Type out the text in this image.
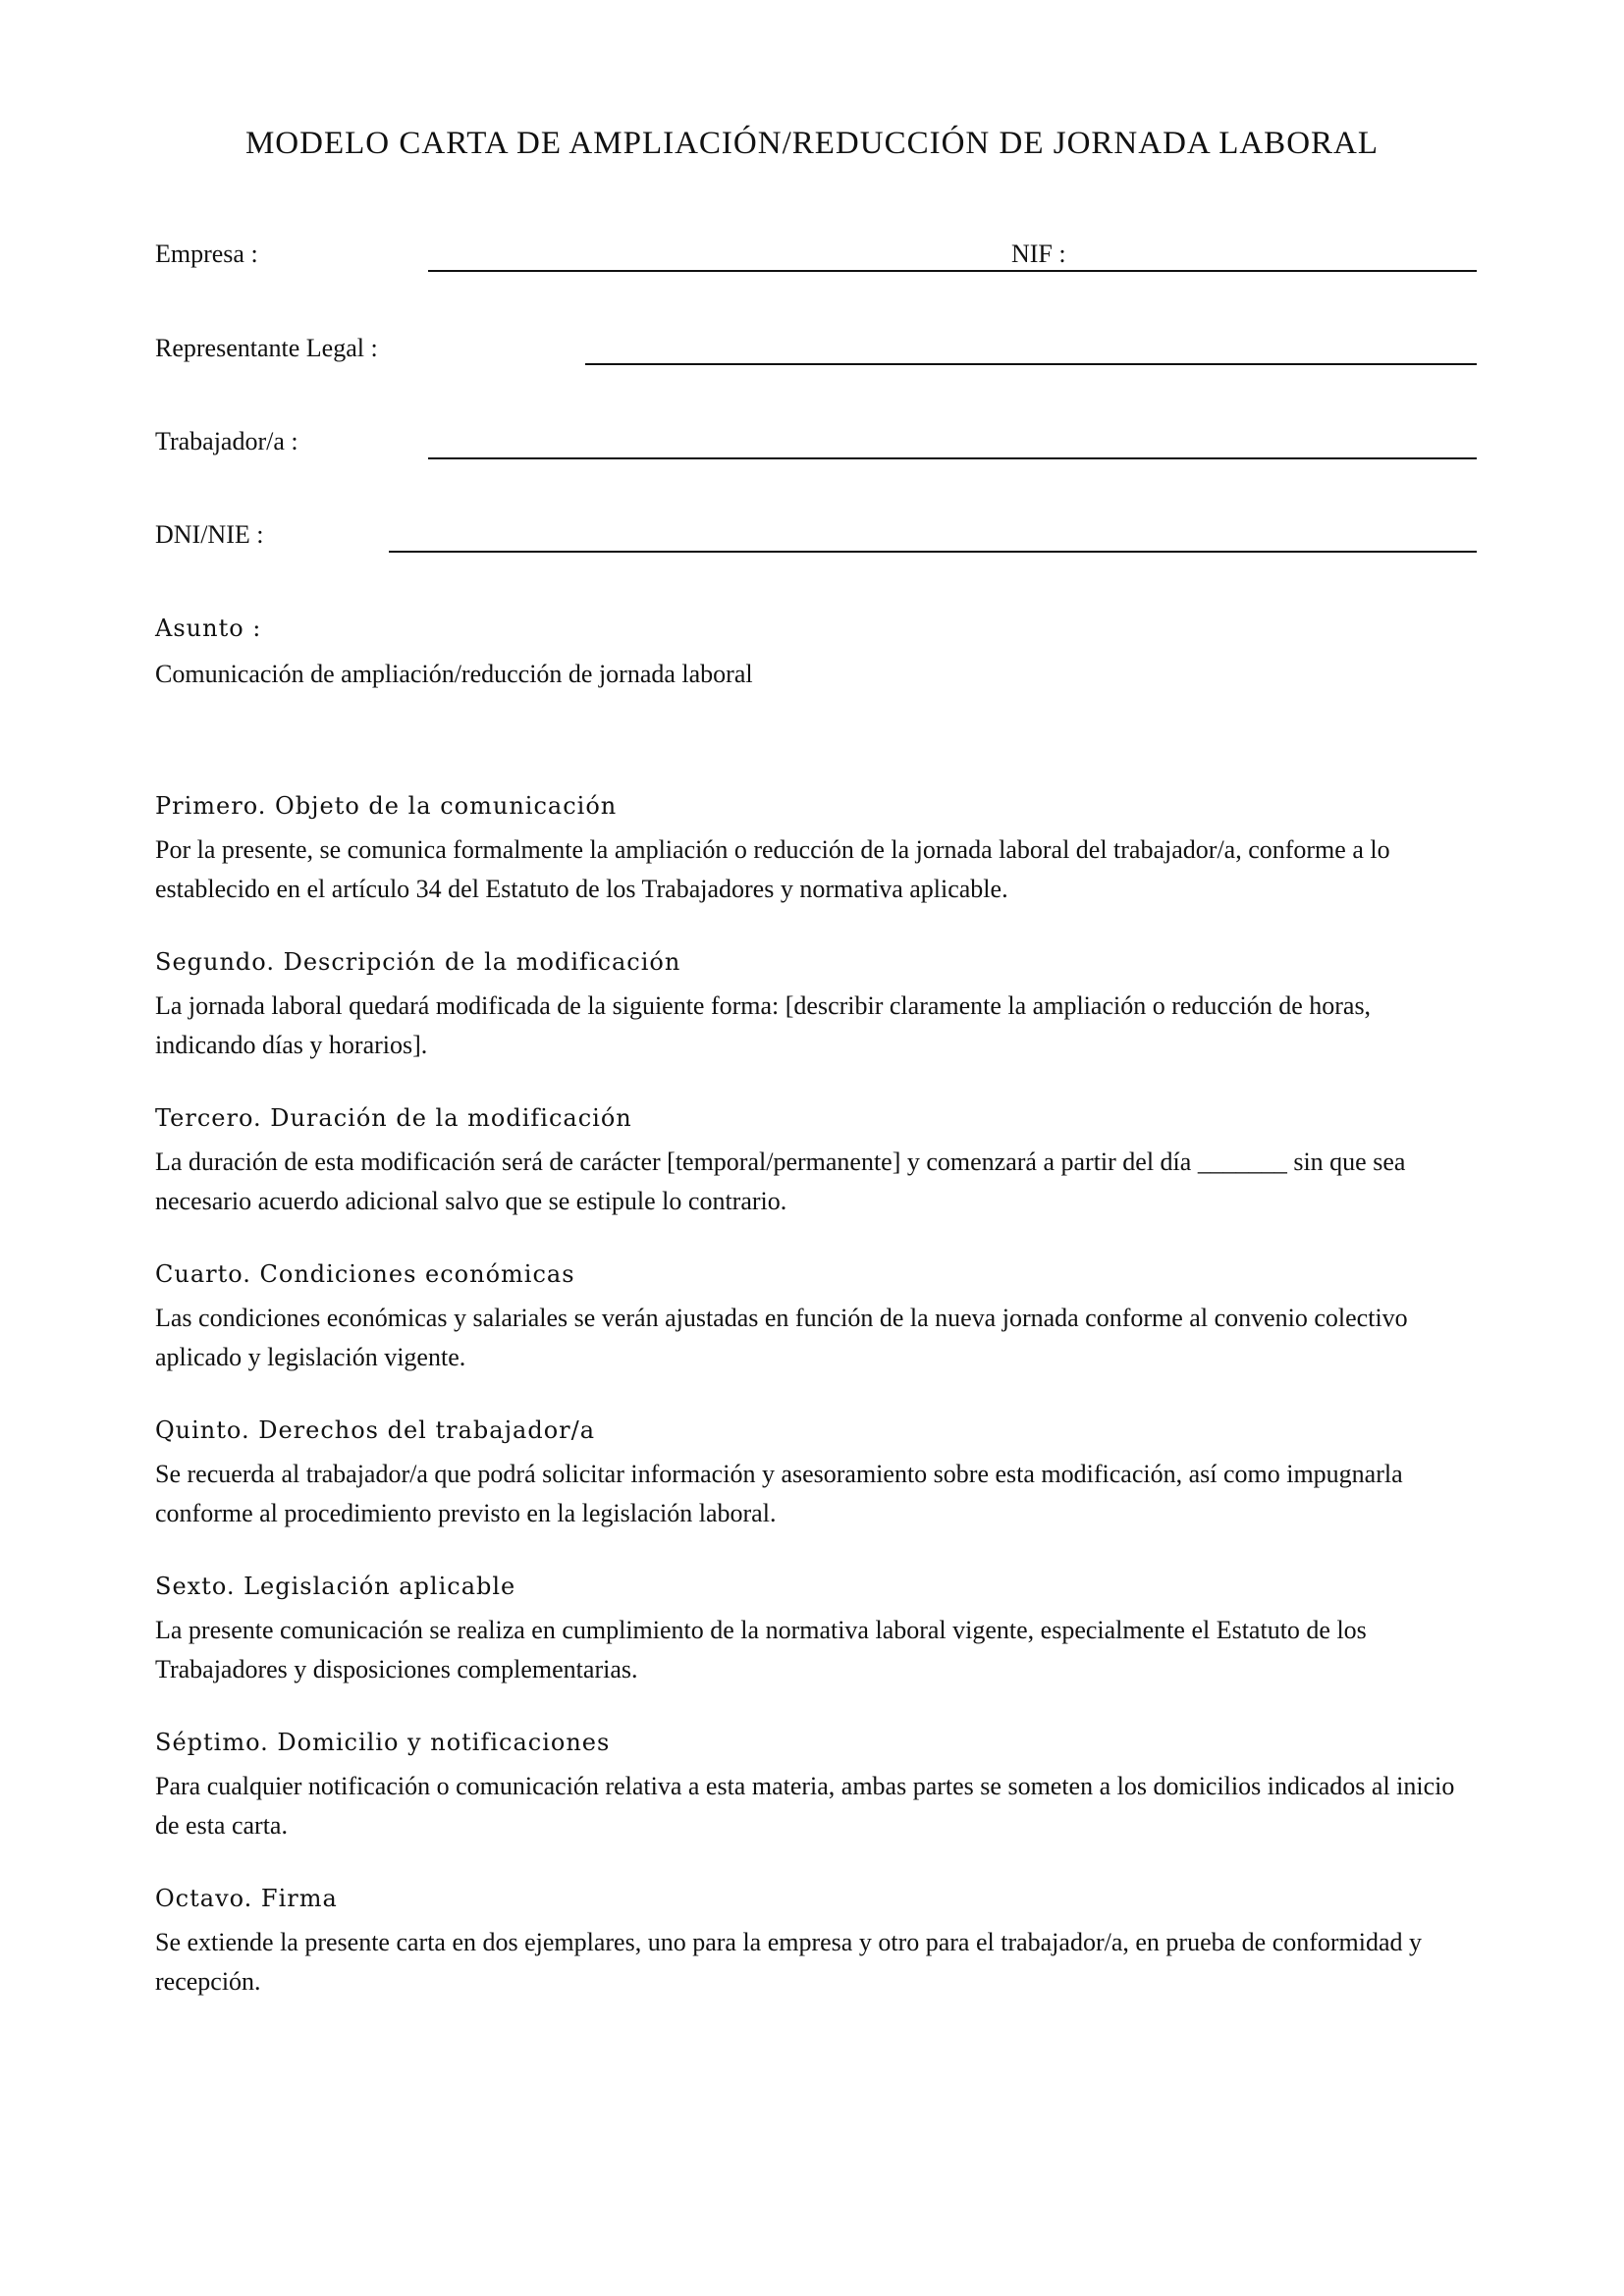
MODELO CARTA DE AMPLIACIÓN/REDUCCIÓN DE JORNADA LABORAL
Empresa :	NIF :
Representante Legal :
Trabajador/a :
DNI/NIE :
Asunto :
Comunicación de ampliación/reducción de jornada laboral
Primero. Objeto de la comunicación

Por la presente, se comunica formalmente la ampliación o reducción de la jornada laboral del trabajador/a, conforme a lo establecido en el artículo 34 del Estatuto de los Trabajadores y normativa aplicable.

Segundo. Descripción de la modificación

La jornada laboral quedará modificada de la siguiente forma: [describir claramente la ampliación o reducción de horas, indicando días y horarios].

Tercero. Duración de la modificación

La duración de esta modificación será de carácter [temporal/permanente] y comenzará a partir del día _______ sin que sea necesario acuerdo adicional salvo que se estipule lo contrario.

Cuarto. Condiciones económicas

Las condiciones económicas y salariales se verán ajustadas en función de la nueva jornada conforme al convenio colectivo aplicado y legislación vigente.

Quinto. Derechos del trabajador/a

Se recuerda al trabajador/a que podrá solicitar información y asesoramiento sobre esta modificación, así como impugnarla conforme al procedimiento previsto en la legislación laboral.

Sexto. Legislación aplicable

La presente comunicación se realiza en cumplimiento de la normativa laboral vigente, especialmente el Estatuto de los Trabajadores y disposiciones complementarias.

Séptimo. Domicilio y notificaciones

Para cualquier notificación o comunicación relativa a esta materia, ambas partes se someten a los domicilios indicados al inicio de esta carta.

Octavo. Firma

Se extiende la presente carta en dos ejemplares, uno para la empresa y otro para el trabajador/a, en prueba de conformidad y recepción.
